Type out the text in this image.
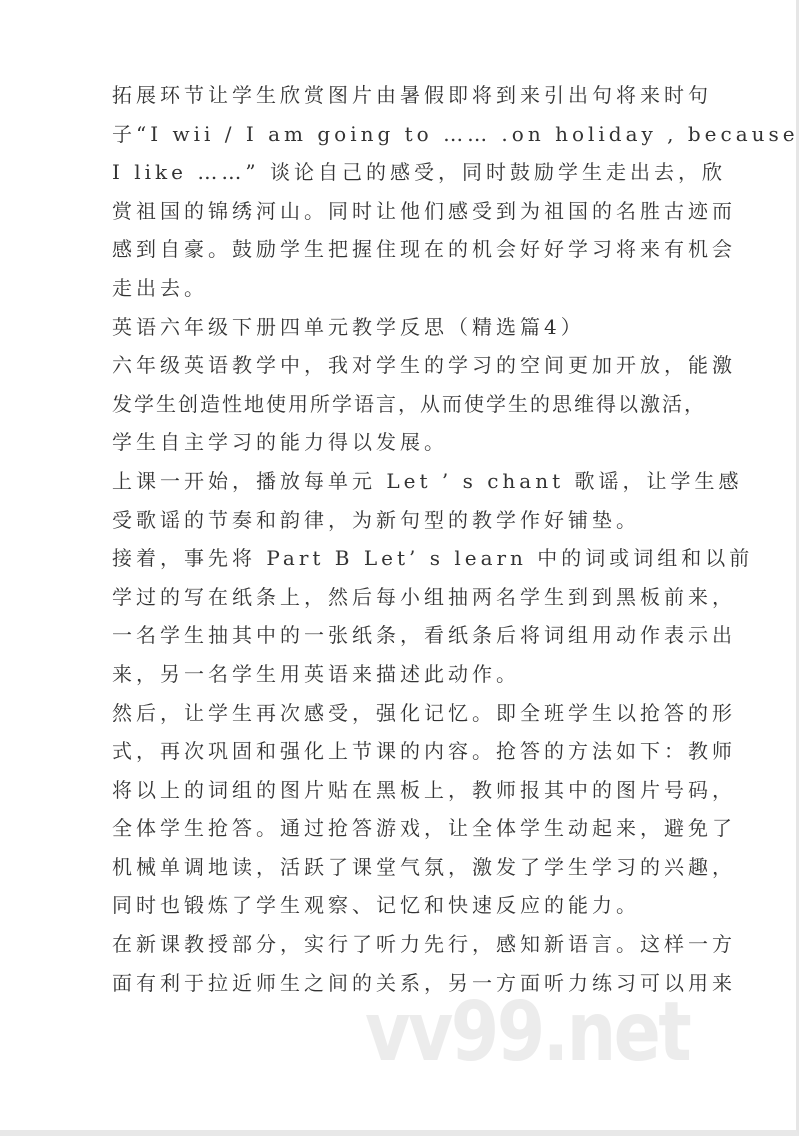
拓展环节让学生欣赏图片由暑假即将到来引出句将来时句
子“I wii / I am going to …… .on holiday , because
I like ……” 谈论自己的感受，同时鼓励学生走出去，欣
赏祖国的锦绣河山。同时让他们感受到为祖国的名胜古迹而
感到自豪。鼓励学生把握住现在的机会好好学习将来有机会
走出去。
英语六年级下册四单元教学反思（精选篇4）
六年级英语教学中，我对学生的学习的空间更加开放，能激
发学生创造性地使用所学语言，从而使学生的思维得以激活，
学生自主学习的能力得以发展。
上课一开始，播放每单元 Let ’ s chant 歌谣，让学生感
受歌谣的节奏和韵律，为新句型的教学作好铺垫。
接着，事先将 Part B Let’ s learn 中的词或词组和以前
学过的写在纸条上，然后每小组抽两名学生到到黑板前来，
一名学生抽其中的一张纸条，看纸条后将词组用动作表示出
来，另一名学生用英语来描述此动作。
然后，让学生再次感受，强化记忆。即全班学生以抢答的形
式，再次巩固和强化上节课的内容。抢答的方法如下：教师
将以上的词组的图片贴在黑板上，教师报其中的图片号码，
全体学生抢答。通过抢答游戏，让全体学生动起来，避免了
机械单调地读，活跃了课堂气氛，激发了学生学习的兴趣，
同时也锻炼了学生观察、记忆和快速反应的能力。
在新课教授部分，实行了听力先行，感知新语言。这样一方
面有利于拉近师生之间的关系，另一方面听力练习可以用来
vv99.net
